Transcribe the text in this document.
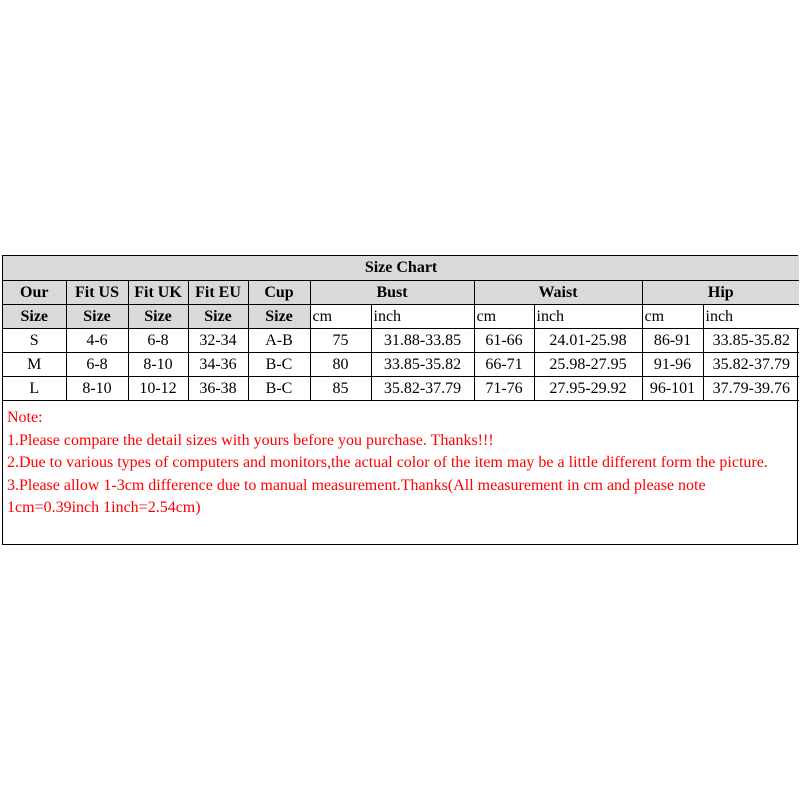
Size Chart										
Our	Fit US	Fit UK	Fit EU	Cup	Bust		Waist		Hip	
Size	Size	Size	Size	Size	cm	inch	cm	inch	cm	inch
S	4-6	6-8	32-34	A-B	75	31.88-33.85	61-66	24.01-25.98	86-91	33.85-35.82
M	6-8	8-10	34-36	B-C	80	33.85-35.82	66-71	25.98-27.95	91-96	35.82-37.79
L	8-10	10-12	36-38	B-C	85	35.82-37.79	71-76	27.95-29.92	96-101	37.79-39.76

Note:

1.Please compare the detail sizes with yours before you purchase. Thanks!!!

2.Due to various types of computers and monitors,the actual color of the item may be a little different form the picture.

3.Please allow 1-3cm difference due to manual measurement.Thanks(All measurement in cm and please note 1cm=0.39inch 1inch=2.54cm)
